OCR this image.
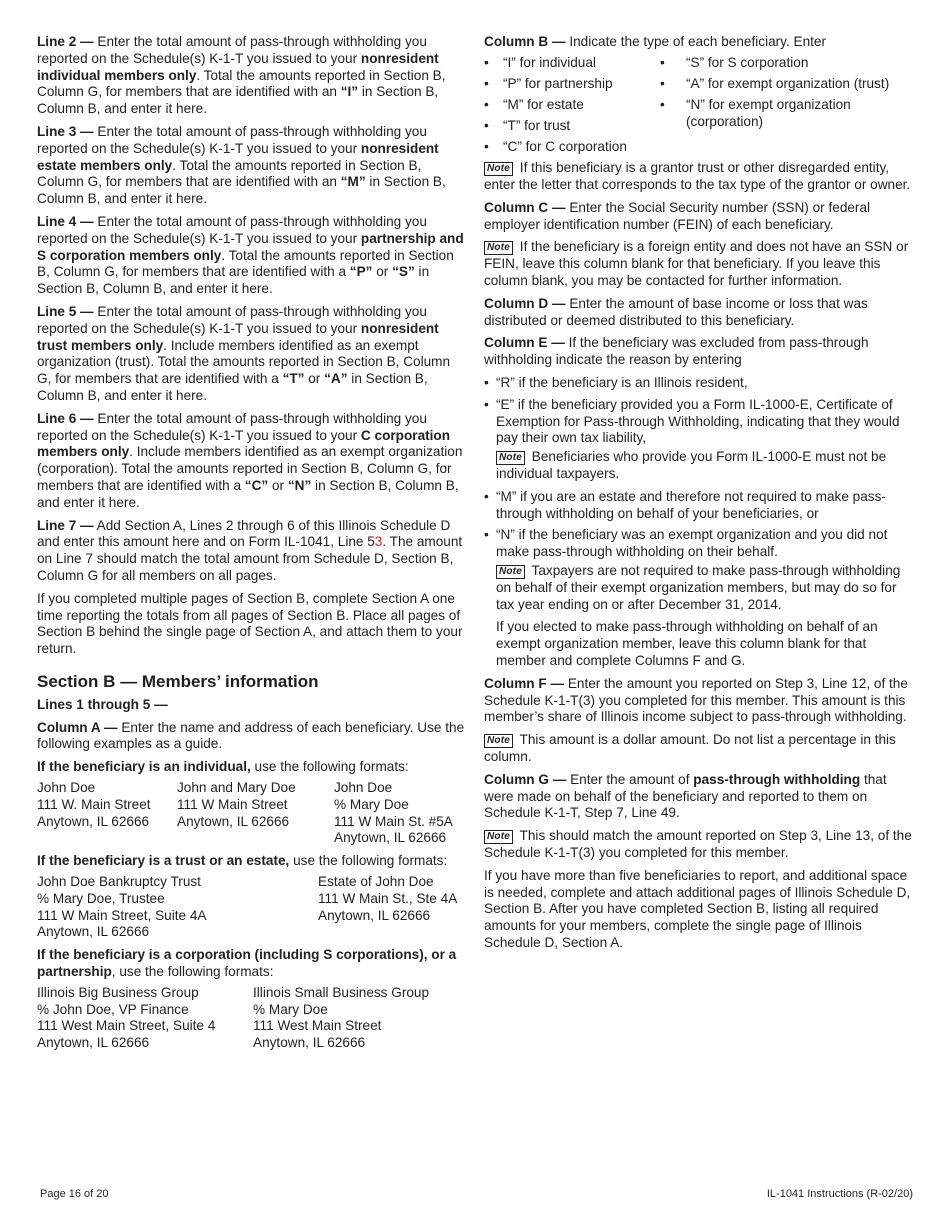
Line 2 — Enter the total amount of pass-through withholding you reported on the Schedule(s) K-1-T you issued to your nonresident individual members only. Total the amounts reported in Section B, Column G, for members that are identified with an “I” in Section B, Column B, and enter it here.

Line 3 — Enter the total amount of pass-through withholding you reported on the Schedule(s) K-1-T you issued to your nonresident estate members only. Total the amounts reported in Section B, Column G, for members that are identified with an “M” in Section B, Column B, and enter it here.

Line 4 — Enter the total amount of pass-through withholding you reported on the Schedule(s) K-1-T you issued to your partnership and S corporation members only. Total the amounts reported in Section B, Column G, for members that are identified with a “P” or “S” in Section B, Column B, and enter it here.

Line 5 — Enter the total amount of pass-through withholding you reported on the Schedule(s) K-1-T you issued to your nonresident trust members only. Include members identified as an exempt organization (trust). Total the amounts reported in Section B, Column G, for members that are identified with a “T” or “A” in Section B, Column B, and enter it here.

Line 6 — Enter the total amount of pass-through withholding you reported on the Schedule(s) K-1-T you issued to your C corporation members only. Include members identified as an exempt organization (corporation). Total the amounts reported in Section B, Column G, for members that are identified with a “C” or “N” in Section B, Column B, and enter it here.

Line 7 — Add Section A, Lines 2 through 6 of this Illinois Schedule D and enter this amount here and on Form IL-1041, Line 53. The amount on Line 7 should match the total amount from Schedule D, Section B, Column G for all members on all pages.

If you completed multiple pages of Section B, complete Section A one time reporting the totals from all pages of Section B. Place all pages of Section B behind the single page of Section A, and attach them to your return.

Section B — Members’ information

Lines 1 through 5 —

Column A — Enter the name and address of each beneficiary. Use the following examples as a guide.

If the beneficiary is an individual, use the following formats:

John Doe
111 W. Main Street
Anytown, IL 62666
John and Mary Doe
111 W Main Street
Anytown, IL 62666
John Doe
% Mary Doe
111 W Main St. #5A
Anytown, IL 62666

If the beneficiary is a trust or an estate, use the following formats:

John Doe Bankruptcy Trust
% Mary Doe, Trustee
111 W Main Street, Suite 4A
Anytown, IL 62666
Estate of John Doe
111 W Main St., Ste 4A
Anytown, IL 62666

If the beneficiary is a corporation (including S corporations), or a partnership, use the following formats:

Illinois Big Business Group
% John Doe, VP Finance
111 West Main Street, Suite 4
Anytown, IL 62666
Illinois Small Business Group
% Mary Doe
111 West Main Street
Anytown, IL 62666

Column B — Indicate the type of each beneficiary. Enter

•	“I” for individual
•	“P” for partnership
•	“M” for estate
•	“T” for trust
•	“C” for C corporation
•	“S” for S corporation
•	“A” for exempt organization (trust)
•	“N” for exempt organization (corporation)

Note If this beneficiary is a grantor trust or other disregarded entity, enter the letter that corresponds to the tax type of the grantor or owner.

Column C — Enter the Social Security number (SSN) or federal employer identification number (FEIN) of each beneficiary.

Note If the beneficiary is a foreign entity and does not have an SSN or FEIN, leave this column blank for that beneficiary. If you leave this column blank, you may be contacted for further information.

Column D — Enter the amount of base income or loss that was distributed or deemed distributed to this beneficiary.

Column E — If the beneficiary was excluded from pass-through withholding indicate the reason by entering

• “R” if the beneficiary is an Illinois resident,
• “E” if the beneficiary provided you a Form IL-1000-E, Certificate of Exemption for Pass-through Withholding, indicating that they would pay their own tax liability,

Note Beneficiaries who provide you Form IL-1000-E must not be individual taxpayers.

• “M” if you are an estate and therefore not required to make pass-through withholding on behalf of your beneficiaries, or
• “N” if the beneficiary was an exempt organization and you did not make pass-through withholding on their behalf.

Note Taxpayers are not required to make pass-through withholding on behalf of their exempt organization members, but may do so for tax year ending on or after December 31, 2014.

If you elected to make pass-through withholding on behalf of an exempt organization member, leave this column blank for that member and complete Columns F and G.

Column F — Enter the amount you reported on Step 3, Line 12, of the Schedule K-1-T(3) you completed for this member. This amount is this member’s share of Illinois income subject to pass-through withholding.

Note This amount is a dollar amount. Do not list a percentage in this column.

Column G — Enter the amount of pass-through withholding that were made on behalf of the beneficiary and reported to them on Schedule K-1-T, Step 7, Line 49.

Note This should match the amount reported on Step 3, Line 13, of the Schedule K-1-T(3) you completed for this member.

If you have more than five beneficiaries to report, and additional space is needed, complete and attach additional pages of Illinois Schedule D, Section B. After you have completed Section B, listing all required amounts for your members, complete the single page of Illinois Schedule D, Section A.

Page 16 of 20	IL-1041 Instructions (R-02/20)
